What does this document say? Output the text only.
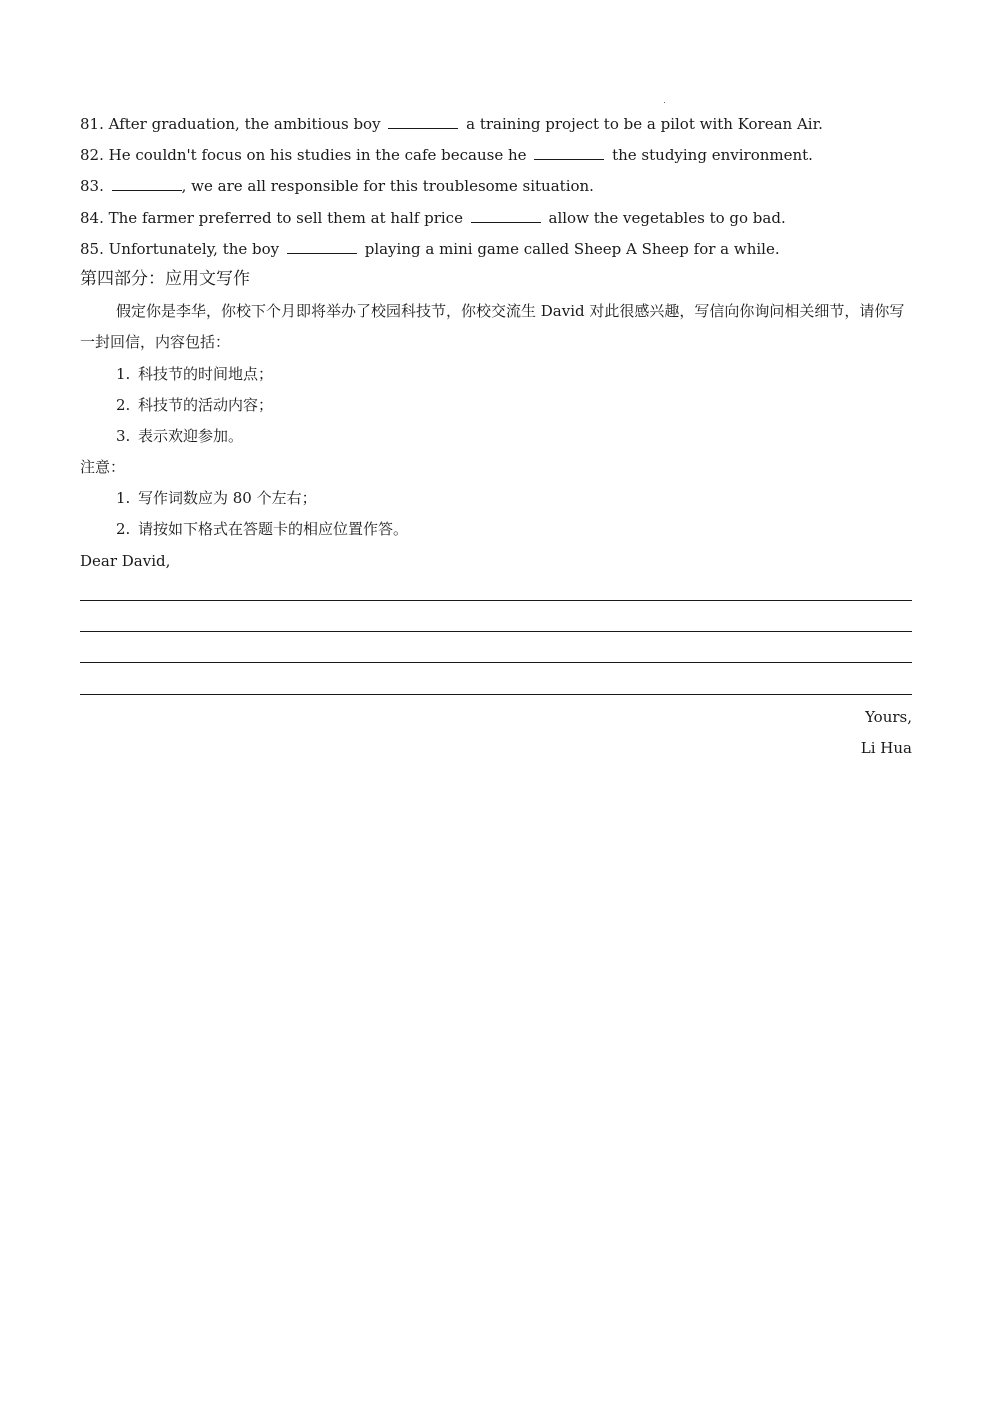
81. After graduation, the ambitious boy	a training project to be a pilot with Korean Air.
82. He couldn't focus on his studies in the cafe because he	the studying environment.
83.	, we are all responsible for this troublesome situation.
84. The farmer preferred to sell them at half price	allow the vegetables to go bad.
85. Unfortunately, the boy	playing a mini game called Sheep A Sheep for a while.
第四部分：应用文写作
假定你是李华，你校下个月即将举办了校园科技节，你校交流生 David 对此很感兴趣，写信向你询问相关细节，请你写一封回信，内容包括：
1. 科技节的时间地点；
2. 科技节的活动内容；
3. 表示欢迎参加。
注意：
1. 写作词数应为 80 个左右；
2. 请按如下格式在答题卡的相应位置作答。
Dear David,
Yours,
Li Hua
